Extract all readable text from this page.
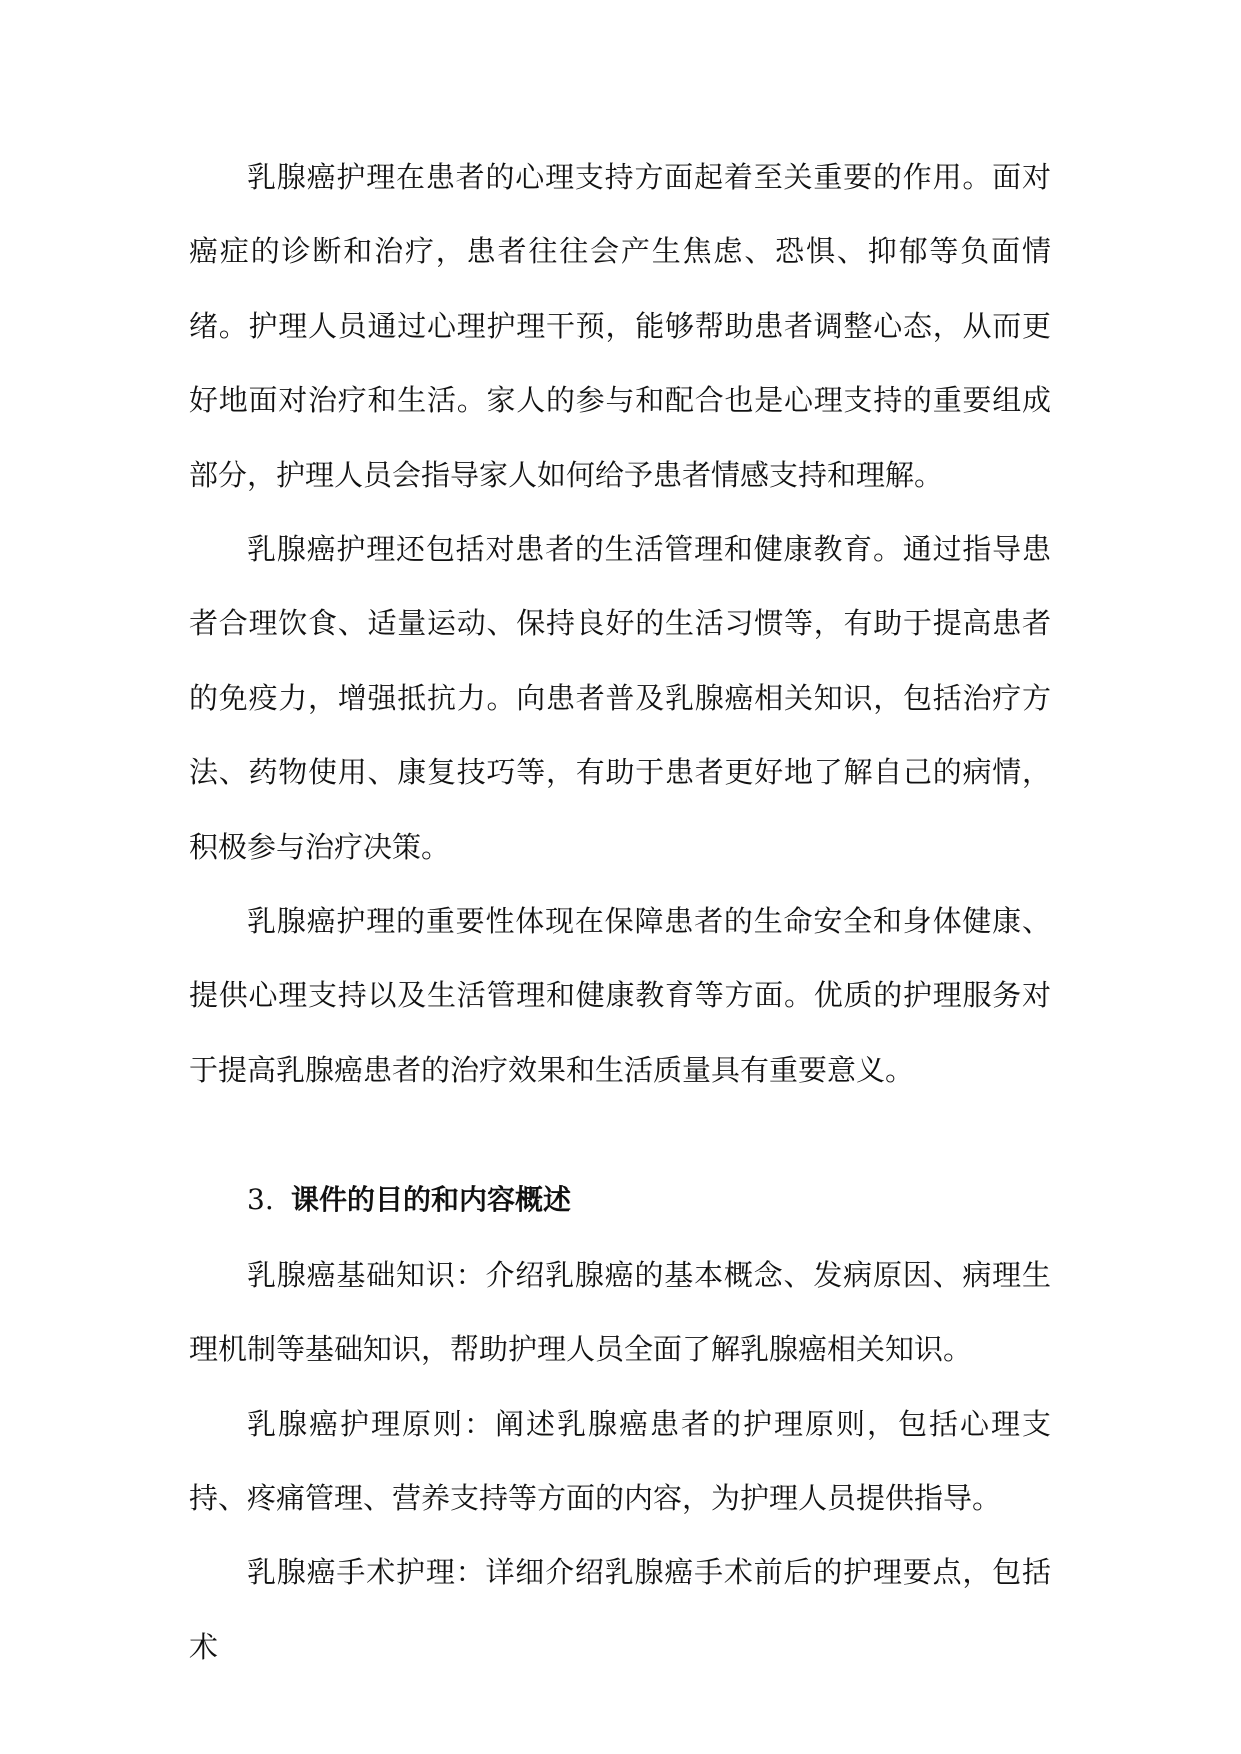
乳腺癌护理在患者的心理支持方面起着至关重要的作用。面对癌症的诊断和治疗，患者往往会产生焦虑、恐惧、抑郁等负面情绪。护理人员通过心理护理干预，能够帮助患者调整心态，从而更好地面对治疗和生活。家人的参与和配合也是心理支持的重要组成部分，护理人员会指导家人如何给予患者情感支持和理解。

乳腺癌护理还包括对患者的生活管理和健康教育。通过指导患者合理饮食、适量运动、保持良好的生活习惯等，有助于提高患者的免疫力，增强抵抗力。向患者普及乳腺癌相关知识，包括治疗方法、药物使用、康复技巧等，有助于患者更好地了解自己的病情，积极参与治疗决策。

乳腺癌护理的重要性体现在保障患者的生命安全和身体健康、提供心理支持以及生活管理和健康教育等方面。优质的护理服务对于提高乳腺癌患者的治疗效果和生活质量具有重要意义。

3. 课件的目的和内容概述

乳腺癌基础知识：介绍乳腺癌的基本概念、发病原因、病理生理机制等基础知识，帮助护理人员全面了解乳腺癌相关知识。

乳腺癌护理原则：阐述乳腺癌患者的护理原则，包括心理支持、疼痛管理、营养支持等方面的内容，为护理人员提供指导。

乳腺癌手术护理：详细介绍乳腺癌手术前后的护理要点，包括术
